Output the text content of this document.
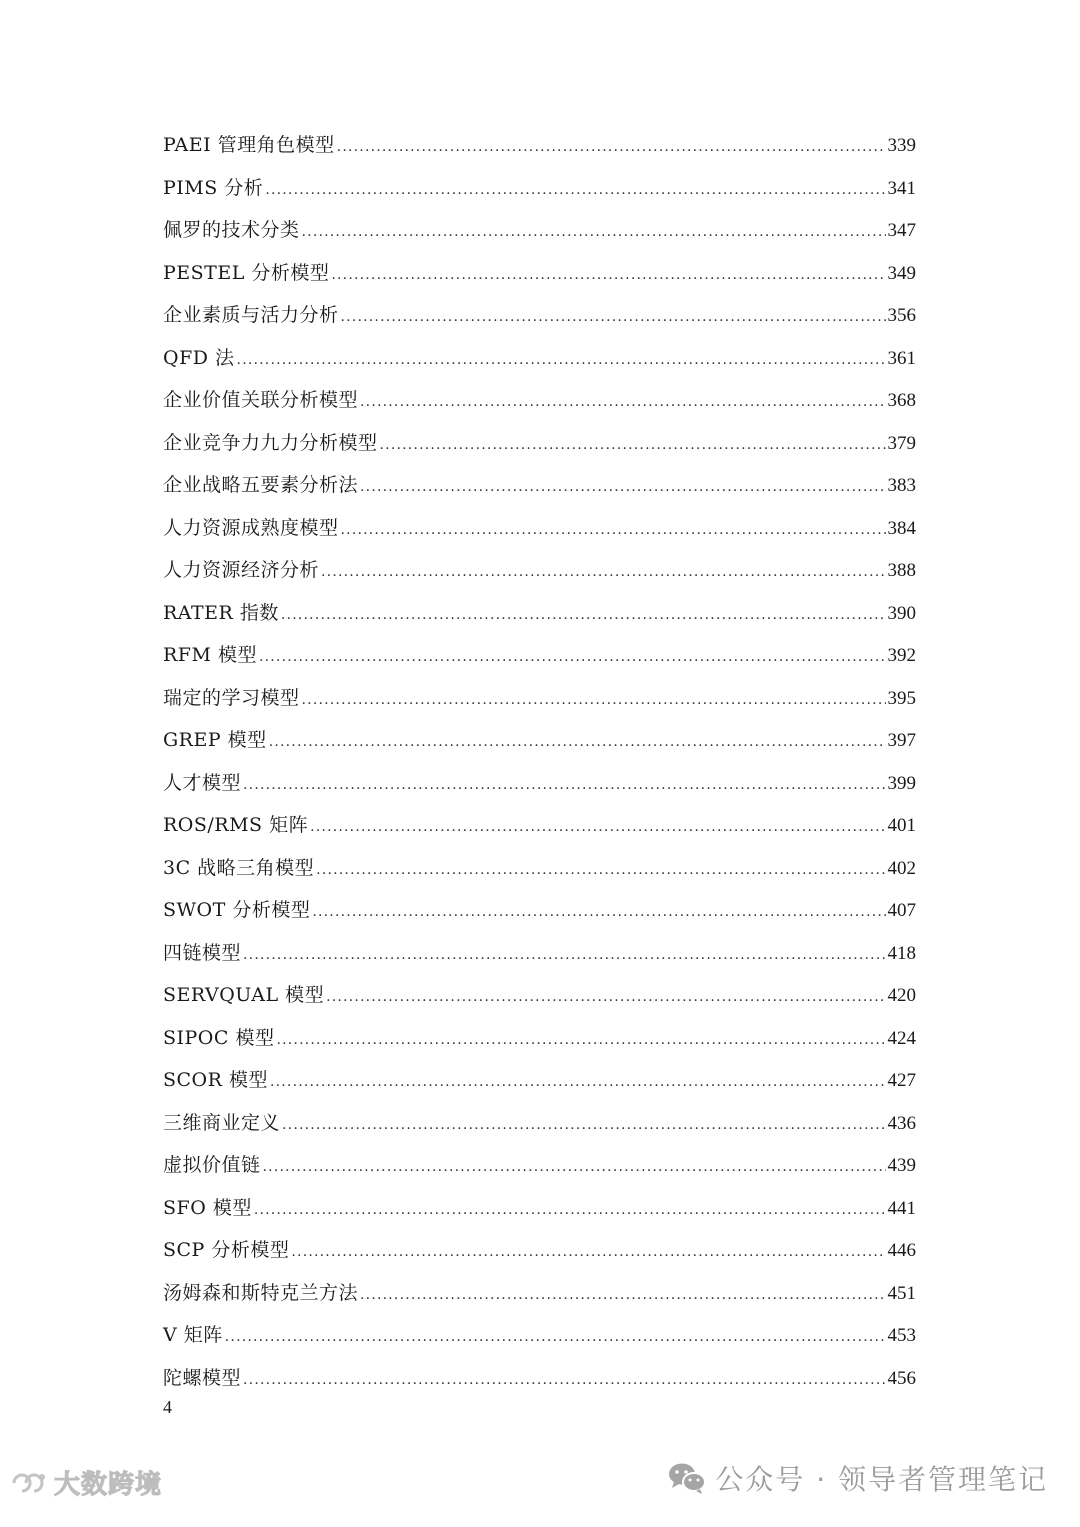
PAEI 管理角色模型 .....	339
PIMS 分析 .....	341
佩罗的技术分类 .....	347
PESTEL 分析模型 .....	349
企业素质与活力分析 .....	356
QFD 法 .....	361
企业价值关联分析模型 .....	368
企业竞争力九力分析模型 .....	379
企业战略五要素分析法 .....	383
人力资源成熟度模型 .....	384
人力资源经济分析 .....	388
RATER 指数 .....	390
RFM 模型 .....	392
瑞定的学习模型 .....	395
GREP 模型 .....	397
人才模型 .....	399
ROS/RMS 矩阵 .....	401
3C 战略三角模型 .....	402
SWOT 分析模型 .....	407
四链模型 .....	418
SERVQUAL 模型 .....	420
SIPOC 模型 .....	424
SCOR 模型 .....	427
三维商业定义 .....	436
虚拟价值链 .....	439
SFO 模型 .....	441
SCP 分析模型 .....	446
汤姆森和斯特克兰方法 .....	451
V 矩阵 .....	453
陀螺模型 .....	456
4
大数跨境	公众号 · 领导者管理笔记
